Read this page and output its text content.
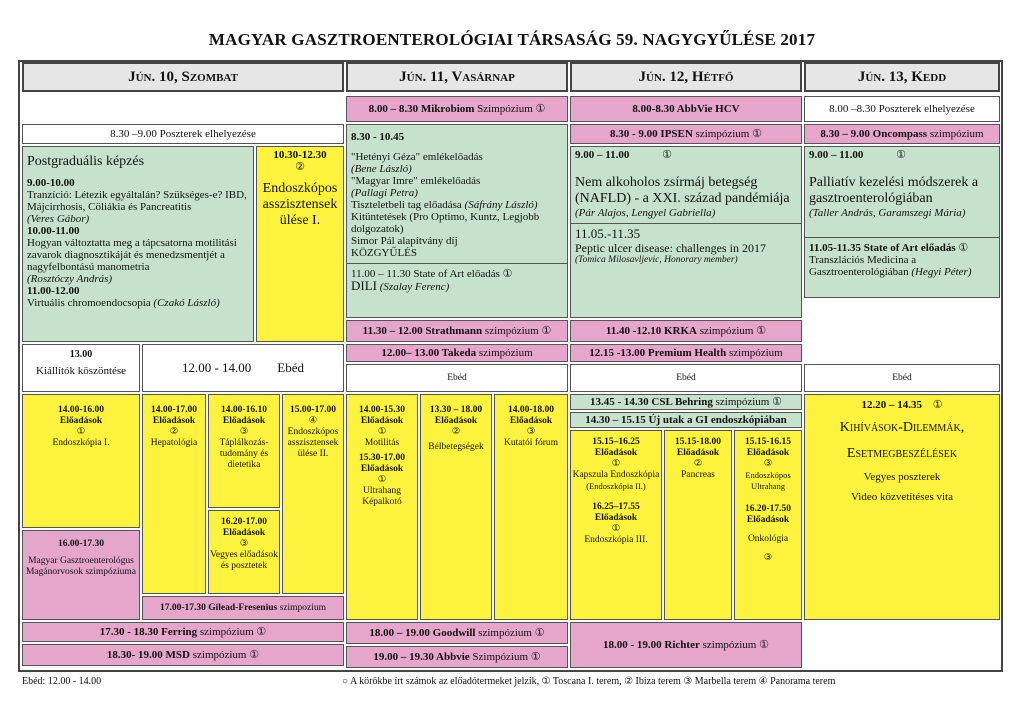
MAGYAR GASZTROENTEROLÓGIAI TÁRSASÁG 59. NAGYGYŰLÉSE 2017
Jún. 10, Szombat	Jún. 11, Vasárnap	Jún. 12, Hétfő	Jún. 13, Kedd
8.30 –9.00 Poszterek elhelyezése
Postgraduális képzés
9.00-10.00
Tranzíció: Létezik egyáltalán? Szükséges-e? IBD, Májcirrhosis, Cöliákia és Pancreatitis
(Veres Gábor)
10.00-11.00
Hogyan változtatta meg a tápcsatorna motilitási zavarok diagnosztikáját és menedzsmentjét a nagyfelbontású manometria
(Rosztóczy András)
11.00-12.00
Virtuális chromoendocsopia (Czakó László)
10.30-12.30
②
Endoszkópos asszisztensek ülése I.
13.00
Kiállítók köszöntése	12.00 - 14.00        Ebéd
14.00-16.00
Előadások
①
Endoszkópia I.
16.00-17.30
Magyar Gasztroenterológus Magánorvosok szimpóziuma
14.00-17.00
Előadások
②
Hepatológia
14.00-16.10
Előadások
③
Táplálkozás-tudomány és dietetika
16.20-17.00
Előadások
③
Vegyes előadások és posztetek
15.00-17.00
④
Endoszkópos asszisztensek ülése II.
17.00-17.30 Gilead-Fresenius szimpozium
17.30 - 18.30 Ferring szimpózium ①
18.30- 19.00 MSD szimpózium ①
8.00 – 8.30 Mikrobiom Szimpózium ①
8.30 - 10.45
"Hetényi Géza" emlékelőadás
(Bene László)
"Magyar Imre" emlékelőadás
(Pallagi Petra)
Tiszteletbeli tag előadása (Sáfrány László)
Kitüntetések (Pro Optimo, Kuntz, Legjobb dolgozatok)
Simor Pál alapítvány díj
KÖZGYŰLÉS
11.00 – 11.30 State of Art előadás ①
DILI (Szalay Ferenc)
11.30 – 12.00 Strathmann szimpózium ①
12.00– 13.00 Takeda szimpózium
Ebéd
14.00-15.30
Előadások
①
Motilitás
15.30-17.00
Előadások
①
Ultrahang Képalkotó
13.30 – 18.00
Előadások
②
Bélbetegségek
14.00-18.00
Előadások
③
Kutatói fórum
18.00 – 19.00 Goodwill szimpózium ①
19.00 – 19.30 Abbvie Szimpózium ①
8.00-8.30 AbbVie HCV
8.30 - 9.00 IPSEN szimpózium ①
9.00 – 11.00	①
Nem alkoholos zsírmáj betegség (NAFLD) - a XXI. század pandémiája
(Pár Alajos, Lengyel Gabriella)
11.05.-11.35
Peptic ulcer disease: challenges in 2017
(Tomica Milosavljevic, Honorary member)
11.40 -12.10 KRKA szimpózium ①
12.15 -13.00 Premium Health szimpózium
Ebéd
13.45 - 14.30 CSL Behring szimpózium ①
14.30 – 15.15 Új utak a GI endoszkópiában
15.15–16.25
Előadások
①
Kapszula Endoszkópia
(Endoszkópia II.)
16.25–17.55
Előadások
①
Endoszkópia III.
15.15-18.00
Előadások
②
Pancreas
15.15-16.15
Előadások
③
Endoszkópos Ultrahang
16.20-17.50
Előadások
Onkológia
③
18.00 - 19.00 Richter szimpózium ①
8.00 –8.30 Poszterek elhelyezése
8.30 – 9.00 Oncompass szimpózium
9.00 – 11.00	①
Palliatív kezelési módszerek a gasztroenterológiában
(Taller András, Garamszegi Mária)
11.05-11.35 State of Art előadás ①
Transzlációs Medicina a Gasztroenterológiában (Hegyi Péter)
Ebéd
12.20 – 14.35 ①
Kihívások-Dilemmák, Esetmegbeszélések
Vegyes poszterek
Video közvetítéses vita
Ebéd: 12.00 - 14.00	○ A körökbe írt számok az előadótermeket jelzik, ① Toscana I. terem, ② Ibiza terem ③ Marbella terem ④ Panorama terem
